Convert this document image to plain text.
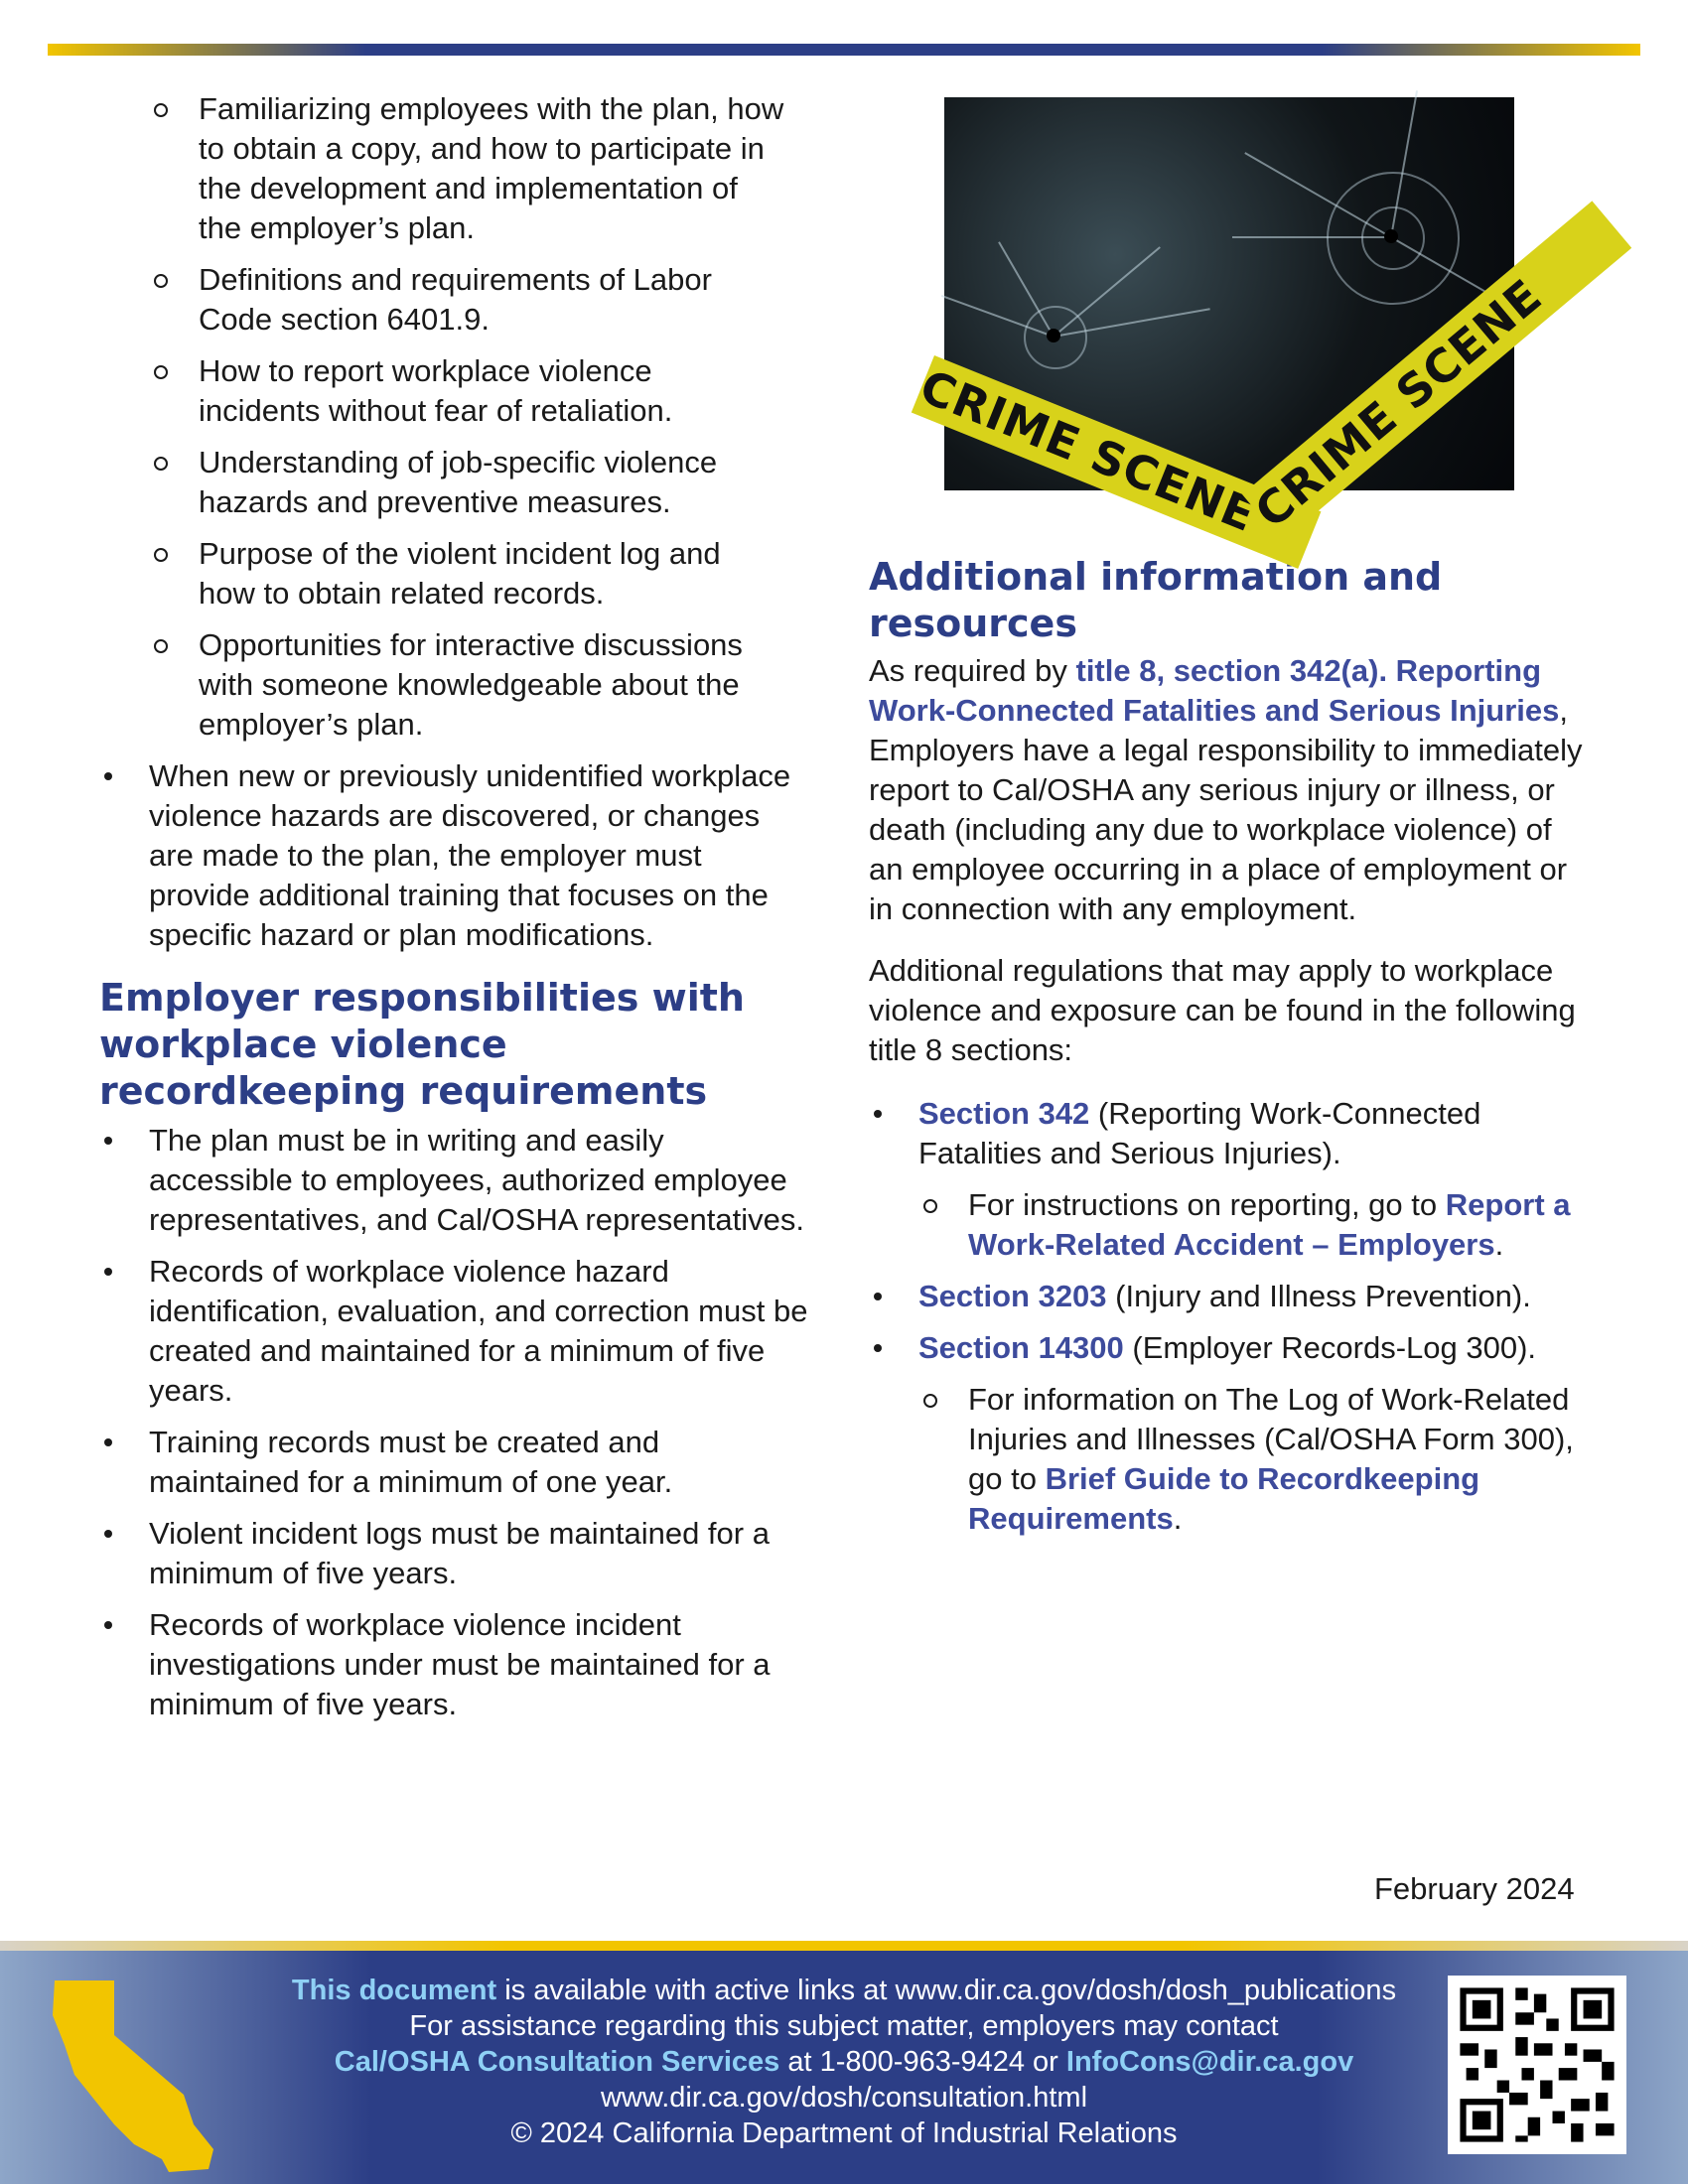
Familiarizing employees with the plan, how to obtain a copy, and how to participate in the development and implementation of the employer’s plan.
Definitions and requirements of Labor Code section 6401.9.
How to report workplace violence incidents without fear of retaliation.
Understanding of job-specific violence hazards and preventive measures.
Purpose of the violent incident log and how to obtain related records.
Opportunities for interactive discussions with someone knowledgeable about the employer’s plan.
When new or previously unidentified workplace violence hazards are discovered, or changes are made to the plan, the employer must provide additional training that focuses on the specific hazard or plan modifications.
Employer responsibilities with workplace violence recordkeeping requirements
The plan must be in writing and easily accessible to employees, authorized employee representatives, and Cal/OSHA representatives.
Records of workplace violence hazard identification, evaluation, and correction must be created and maintained for a minimum of five years.
Training records must be created and maintained for a minimum of one year.
Violent incident logs must be maintained for a minimum of five years.
Records of workplace violence incident investigations under must be maintained for a minimum of five years.
CRIME SCENE
CRIME SCENE
Additional information and resources

As required by title 8, section 342(a). Reporting Work-Connected Fatalities and Serious Injuries, Employers have a legal responsibility to immediately report to Cal/OSHA any serious injury or illness, or death (including any due to workplace violence) of an employee occurring in a place of employment or in connection with any employment.

Additional regulations that may apply to workplace violence and exposure can be found in the following title 8 sections:

Section 342 (Reporting Work-Connected Fatalities and Serious Injuries).
For instructions on reporting, go to Report a Work-Related Accident – Employers.
Section 3203 (Injury and Illness Prevention).
Section 14300 (Employer Records-Log 300).
For information on The Log of Work-Related Injuries and Illnesses (Cal/OSHA Form 300), go to Brief Guide to Recordkeeping Requirements.
February 2024
This document is available with active links at www.dir.ca.gov/dosh/dosh_publications
For assistance regarding this subject matter, employers may contact
Cal/OSHA Consultation Services at 1-800-963-9424 or InfoCons@dir.ca.gov
www.dir.ca.gov/dosh/consultation.html
© 2024 California Department of Industrial Relations
